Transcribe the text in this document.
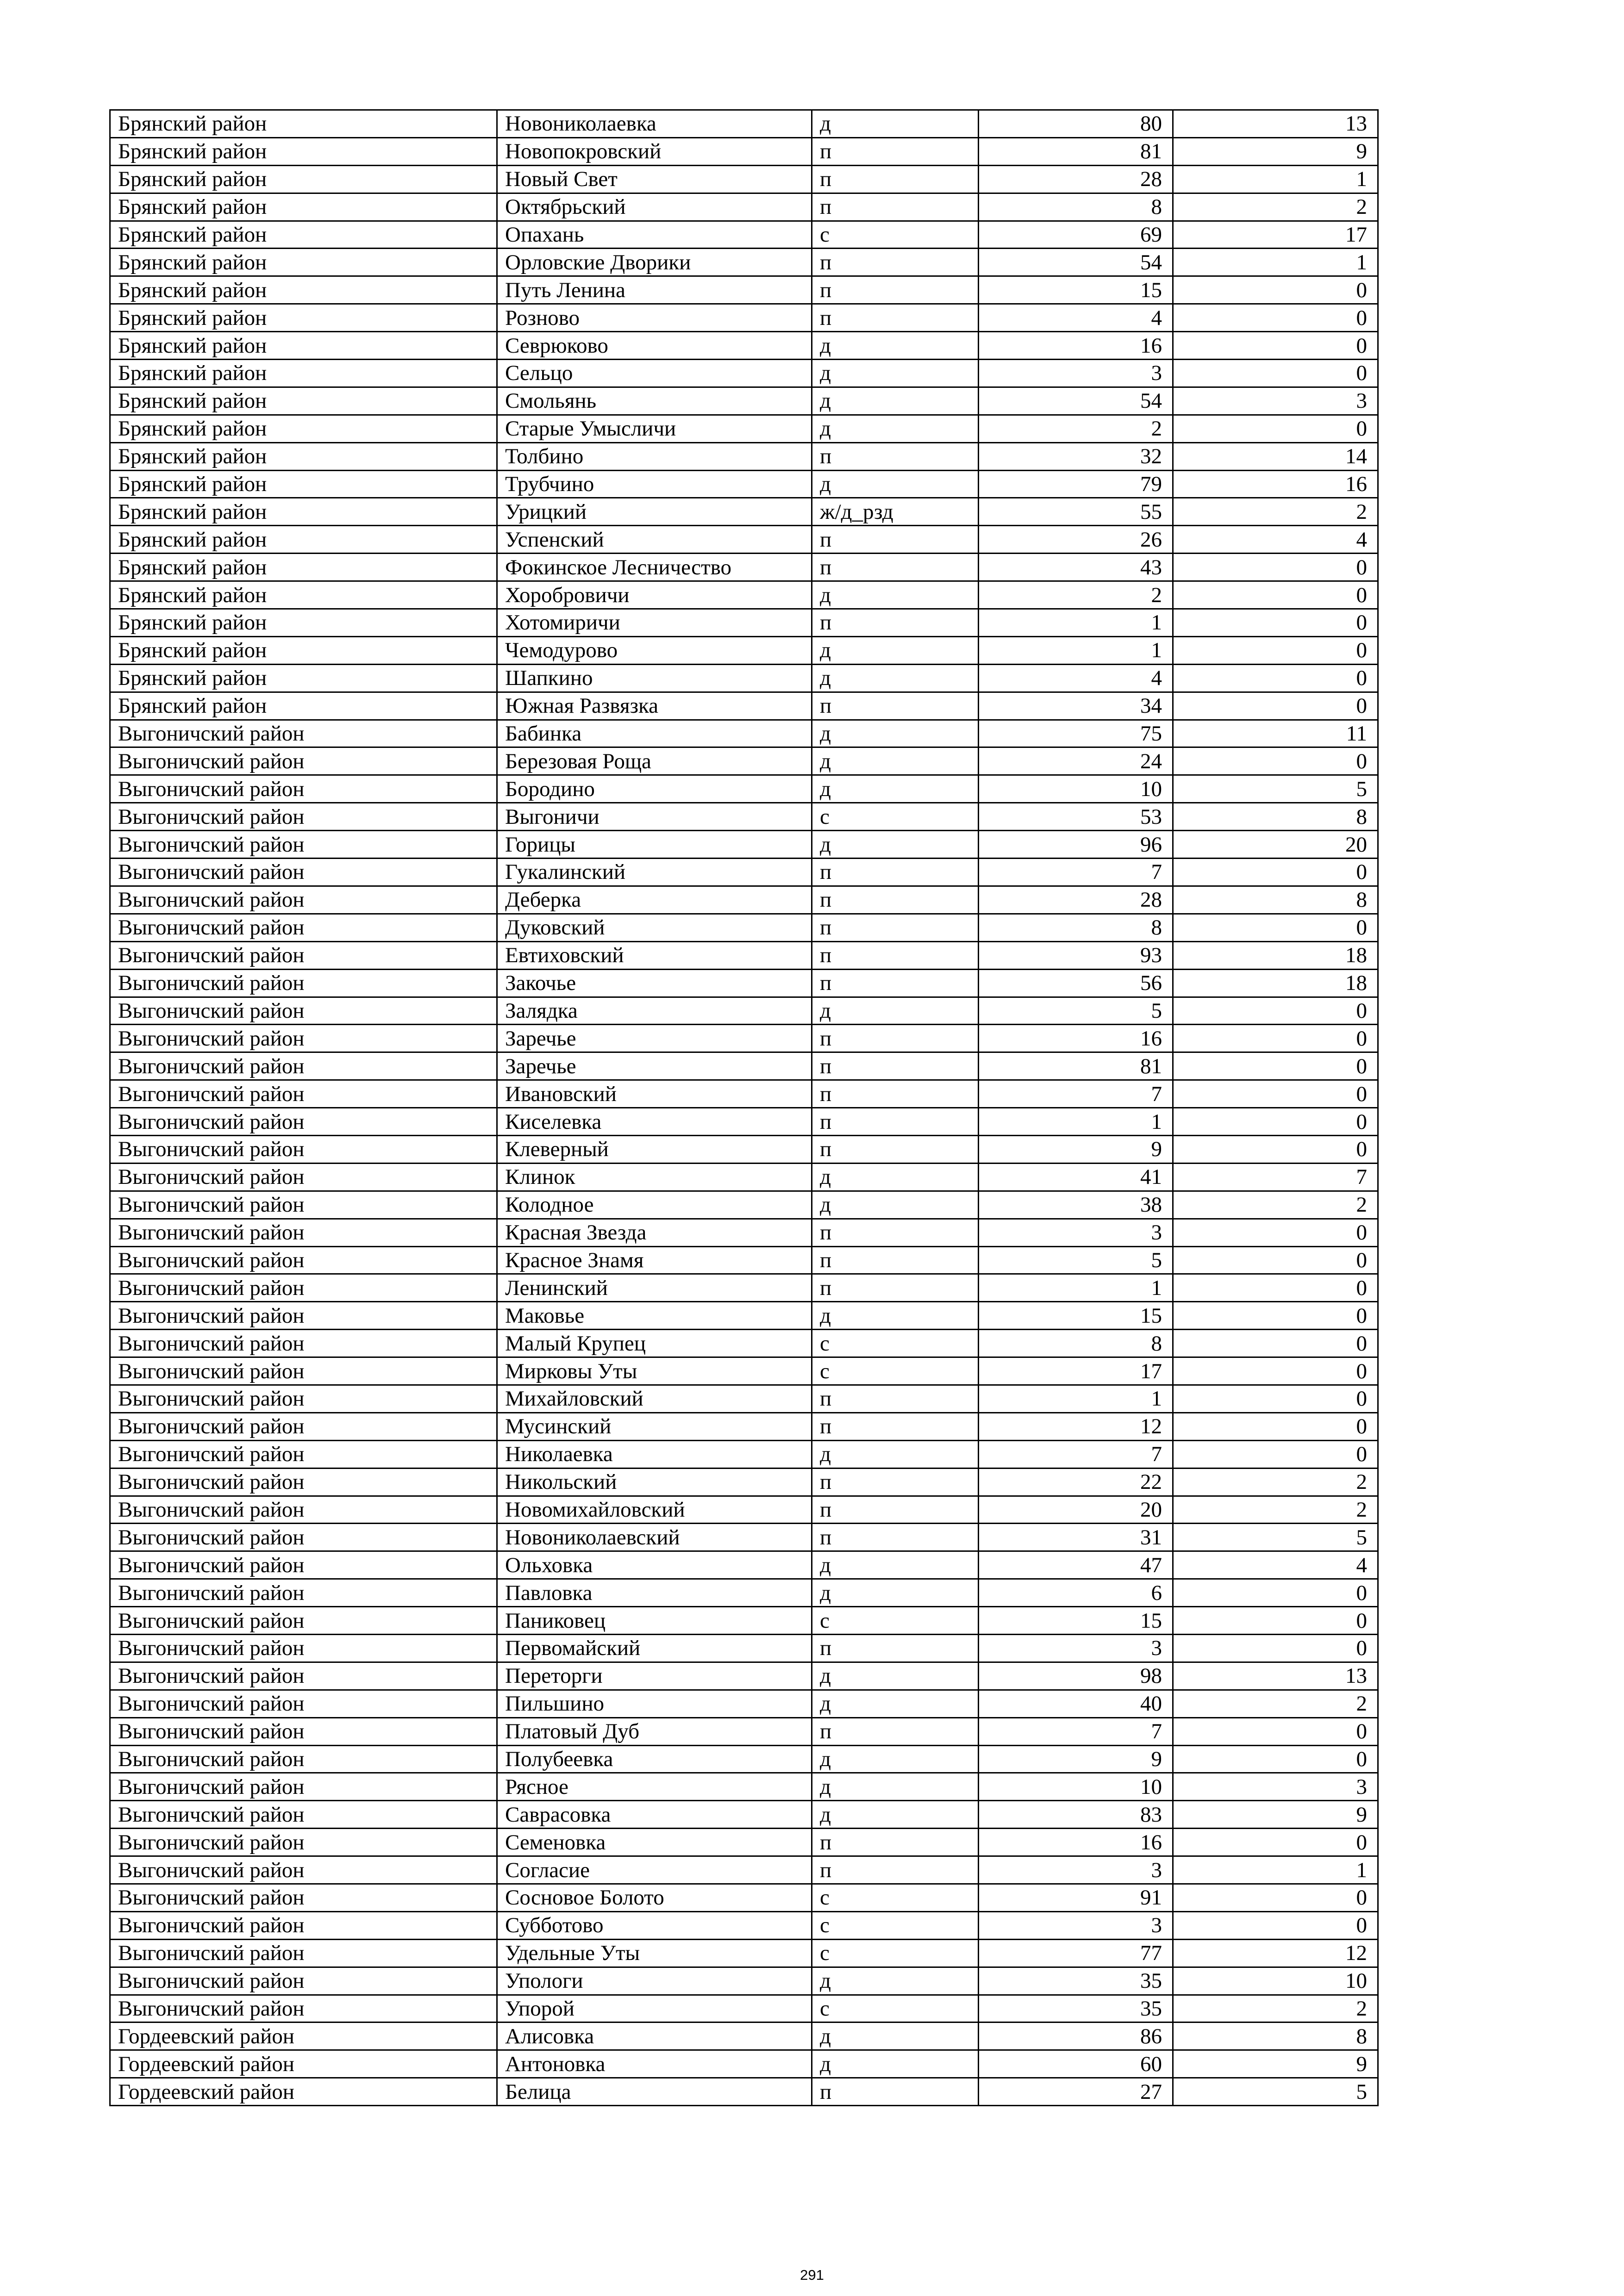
Брянский район	Новониколаевка	д	80	13
Брянский район	Новопокровский	п	81	9
Брянский район	Новый Свет	п	28	1
Брянский район	Октябрьский	п	8	2
Брянский район	Опахань	с	69	17
Брянский район	Орловские Дворики	п	54	1
Брянский район	Путь Ленина	п	15	0
Брянский район	Розново	п	4	0
Брянский район	Севрюково	д	16	0
Брянский район	Сельцо	д	3	0
Брянский район	Смольянь	д	54	3
Брянский район	Старые Умысличи	д	2	0
Брянский район	Толбино	п	32	14
Брянский район	Трубчино	д	79	16
Брянский район	Урицкий	ж/д_рзд	55	2
Брянский район	Успенский	п	26	4
Брянский район	Фокинское Лесничество	п	43	0
Брянский район	Хоробровичи	д	2	0
Брянский район	Хотомиричи	п	1	0
Брянский район	Чемодурово	д	1	0
Брянский район	Шапкино	д	4	0
Брянский район	Южная Развязка	п	34	0
Выгоничский район	Бабинка	д	75	11
Выгоничский район	Березовая Роща	д	24	0
Выгоничский район	Бородино	д	10	5
Выгоничский район	Выгоничи	с	53	8
Выгоничский район	Горицы	д	96	20
Выгоничский район	Гукалинский	п	7	0
Выгоничский район	Деберка	п	28	8
Выгоничский район	Дуковский	п	8	0
Выгоничский район	Евтиховский	п	93	18
Выгоничский район	Закочье	п	56	18
Выгоничский район	Залядка	д	5	0
Выгоничский район	Заречье	п	16	0
Выгоничский район	Заречье	п	81	0
Выгоничский район	Ивановский	п	7	0
Выгоничский район	Киселевка	п	1	0
Выгоничский район	Клеверный	п	9	0
Выгоничский район	Клинок	д	41	7
Выгоничский район	Колодное	д	38	2
Выгоничский район	Красная Звезда	п	3	0
Выгоничский район	Красное Знамя	п	5	0
Выгоничский район	Ленинский	п	1	0
Выгоничский район	Маковье	д	15	0
Выгоничский район	Малый Крупец	с	8	0
Выгоничский район	Мирковы Уты	с	17	0
Выгоничский район	Михайловский	п	1	0
Выгоничский район	Мусинский	п	12	0
Выгоничский район	Николаевка	д	7	0
Выгоничский район	Никольский	п	22	2
Выгоничский район	Новомихайловский	п	20	2
Выгоничский район	Новониколаевский	п	31	5
Выгоничский район	Ольховка	д	47	4
Выгоничский район	Павловка	д	6	0
Выгоничский район	Паниковец	с	15	0
Выгоничский район	Первомайский	п	3	0
Выгоничский район	Переторги	д	98	13
Выгоничский район	Пильшино	д	40	2
Выгоничский район	Платовый Дуб	п	7	0
Выгоничский район	Полубеевка	д	9	0
Выгоничский район	Рясное	д	10	3
Выгоничский район	Саврасовка	д	83	9
Выгоничский район	Семеновка	п	16	0
Выгоничский район	Согласие	п	3	1
Выгоничский район	Сосновое Болото	с	91	0
Выгоничский район	Субботово	с	3	0
Выгоничский район	Удельные Уты	с	77	12
Выгоничский район	Упологи	д	35	10
Выгоничский район	Упорой	с	35	2
Гордеевский район	Алисовка	д	86	8
Гордеевский район	Антоновка	д	60	9
Гордеевский район	Белица	п	27	5
291
